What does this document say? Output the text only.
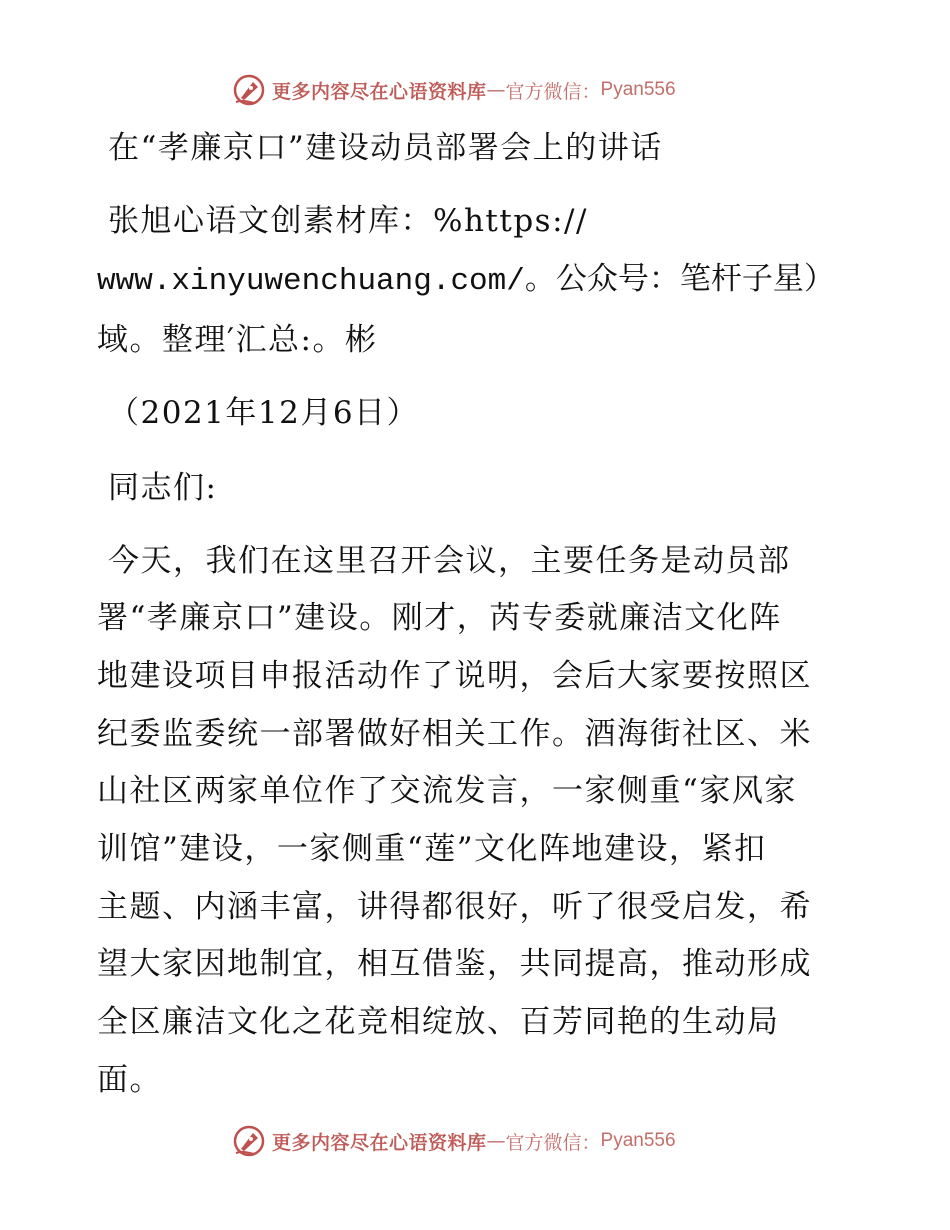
更多内容尽在心语资料库 — 官方微信： Pyan556
在“孝廉京口”建设动员部署会上的讲话
张旭心语文创素材库：%https://
www.xinyuwenchuang.com/。公众号：笔杆子星）
域。整理′汇总:。彬
（2021年12月6日）
同志们:
今天，我们在这里召开会议，主要任务是动员部
署“孝廉京口”建设。刚才，芮专委就廉洁文化阵
地建设项目申报活动作了说明，会后大家要按照区
纪委监委统一部署做好相关工作。酒海街社区、米
山社区两家单位作了交流发言，一家侧重“家风家
训馆”建设，一家侧重“莲”文化阵地建设，紧扣
主题、内涵丰富，讲得都很好，听了很受启发，希
望大家因地制宜，相互借鉴，共同提高，推动形成
全区廉洁文化之花竞相绽放、百芳同艳的生动局
面。
更多内容尽在心语资料库 — 官方微信： Pyan556
